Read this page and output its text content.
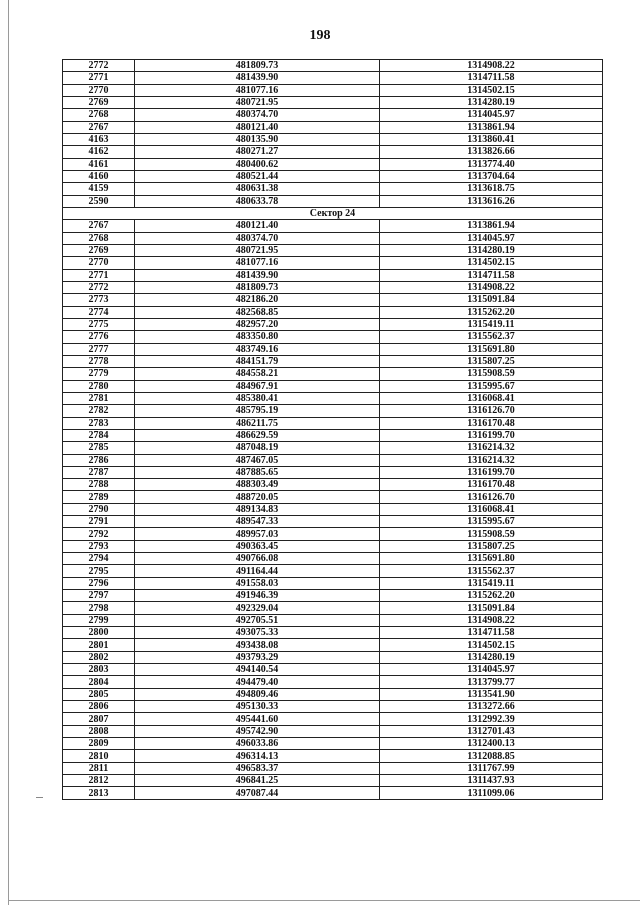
198
2772	481809.73	1314908.22
2771	481439.90	1314711.58
2770	481077.16	1314502.15
2769	480721.95	1314280.19
2768	480374.70	1314045.97
2767	480121.40	1313861.94
4163	480135.90	1313860.41
4162	480271.27	1313826.66
4161	480400.62	1313774.40
4160	480521.44	1313704.64
4159	480631.38	1313618.75
2590	480633.78	1313616.26
Сектор 24		
2767	480121.40	1313861.94
2768	480374.70	1314045.97
2769	480721.95	1314280.19
2770	481077.16	1314502.15
2771	481439.90	1314711.58
2772	481809.73	1314908.22
2773	482186.20	1315091.84
2774	482568.85	1315262.20
2775	482957.20	1315419.11
2776	483350.80	1315562.37
2777	483749.16	1315691.80
2778	484151.79	1315807.25
2779	484558.21	1315908.59
2780	484967.91	1315995.67
2781	485380.41	1316068.41
2782	485795.19	1316126.70
2783	486211.75	1316170.48
2784	486629.59	1316199.70
2785	487048.19	1316214.32
2786	487467.05	1316214.32
2787	487885.65	1316199.70
2788	488303.49	1316170.48
2789	488720.05	1316126.70
2790	489134.83	1316068.41
2791	489547.33	1315995.67
2792	489957.03	1315908.59
2793	490363.45	1315807.25
2794	490766.08	1315691.80
2795	491164.44	1315562.37
2796	491558.03	1315419.11
2797	491946.39	1315262.20
2798	492329.04	1315091.84
2799	492705.51	1314908.22
2800	493075.33	1314711.58
2801	493438.08	1314502.15
2802	493793.29	1314280.19
2803	494140.54	1314045.97
2804	494479.40	1313799.77
2805	494809.46	1313541.90
2806	495130.33	1313272.66
2807	495441.60	1312992.39
2808	495742.90	1312701.43
2809	496033.86	1312400.13
2810	496314.13	1312088.85
2811	496583.37	1311767.99
2812	496841.25	1311437.93
2813	497087.44	1311099.06
